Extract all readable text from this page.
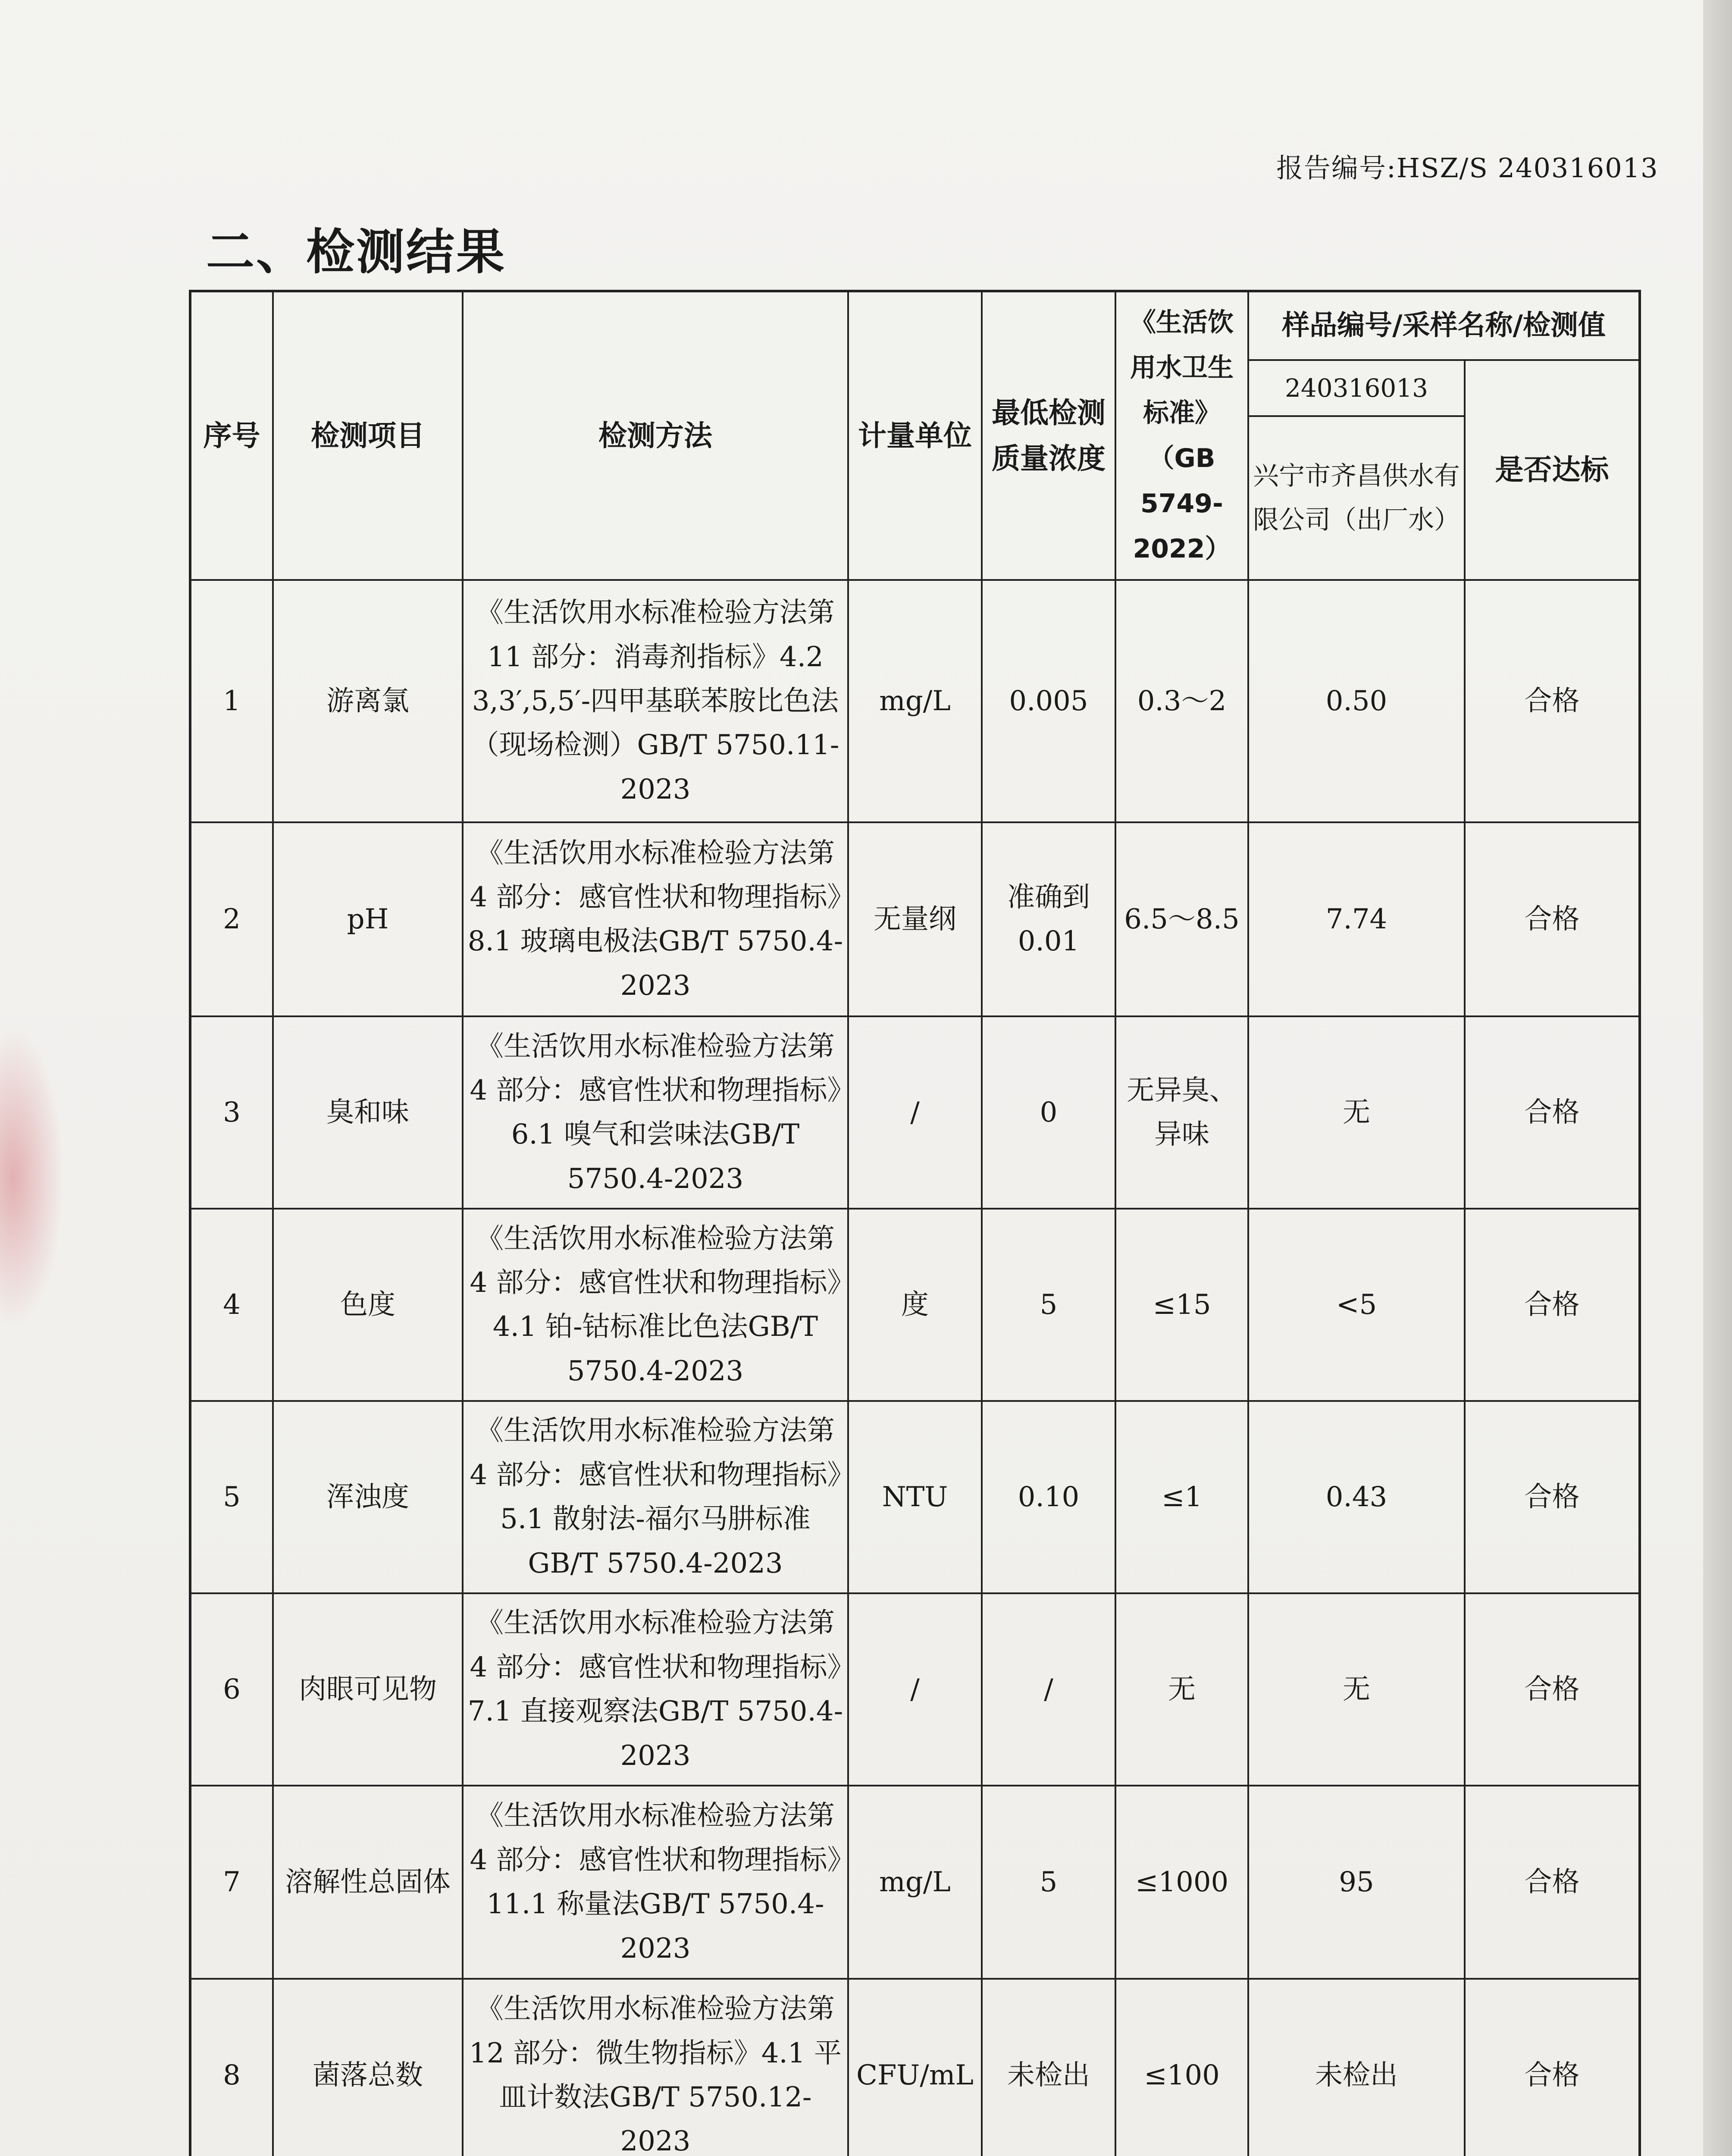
报告编号:HSZ/S 240316013
二、检测结果
序号	检测项目	检测方法	计量单位	最低检测质量浓度	《生活饮用水卫生标准》（GB 5749-2022）	样品编号/采样名称/检测值	
						240316013	是否达标
						兴宁市齐昌供水有限公司（出厂水）	
1	游离氯	《生活饮用水标准检验方法第 11 部分：消毒剂指标》4.2 3,3′,5,5′-四甲基联苯胺比色法（现场检测）GB/T 5750.11-2023	mg/L	0.005	0.3～2	0.50	合格
2	pH	《生活饮用水标准检验方法第 4 部分：感官性状和物理指标》8.1 玻璃电极法GB/T 5750.4-2023	无量纲	准确到0.01	6.5～8.5	7.74	合格
3	臭和味	《生活饮用水标准检验方法第 4 部分：感官性状和物理指标》6.1 嗅气和尝味法GB/T 5750.4-2023	/	0	无异臭、异味	无	合格
4	色度	《生活饮用水标准检验方法第 4 部分：感官性状和物理指标》4.1 铂-钴标准比色法GB/T 5750.4-2023	度	5	≤15	<5	合格
5	浑浊度	《生活饮用水标准检验方法第 4 部分：感官性状和物理指标》5.1 散射法-福尔马肼标准 GB/T 5750.4-2023	NTU	0.10	≤1	0.43	合格
6	肉眼可见物	《生活饮用水标准检验方法第 4 部分：感官性状和物理指标》7.1 直接观察法GB/T 5750.4-2023	/	/	无	无	合格
7	溶解性总固体	《生活饮用水标准检验方法第 4 部分：感官性状和物理指标》11.1 称量法GB/T 5750.4-2023	mg/L	5	≤1000	95	合格
8	菌落总数	《生活饮用水标准检验方法第 12 部分：微生物指标》4.1 平皿计数法GB/T 5750.12-2023	CFU/mL	未检出	≤100	未检出	合格
